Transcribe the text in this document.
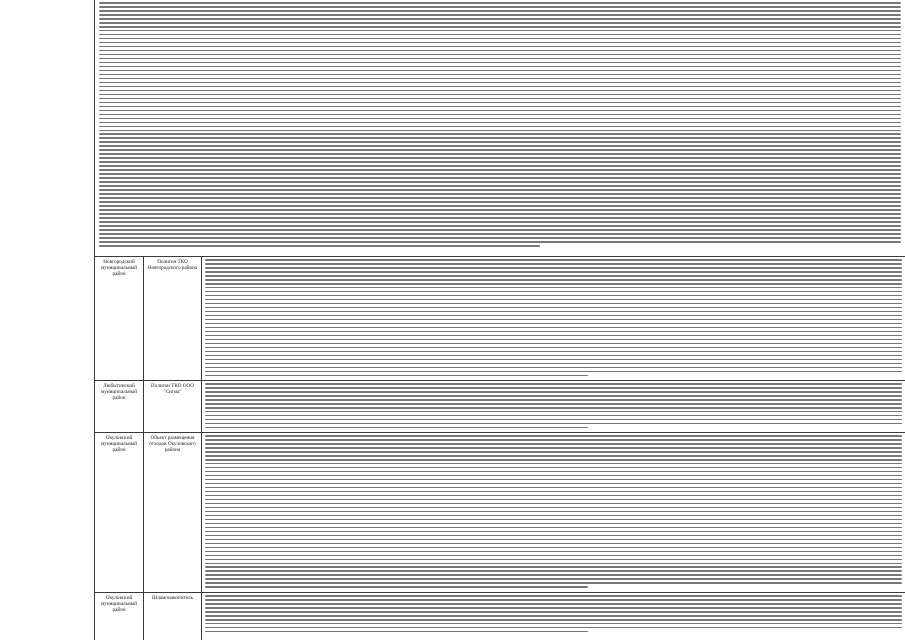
Новгородский муниципальный район
Полигон ТКО Новгородского района
Любытинский муниципальный район
Полигон ТКО ООО "Сигма"
Окуловский муниципальный район
Объект размещения отходов Окуловского района
Окуловский муниципальный район
Шламонакопитель
